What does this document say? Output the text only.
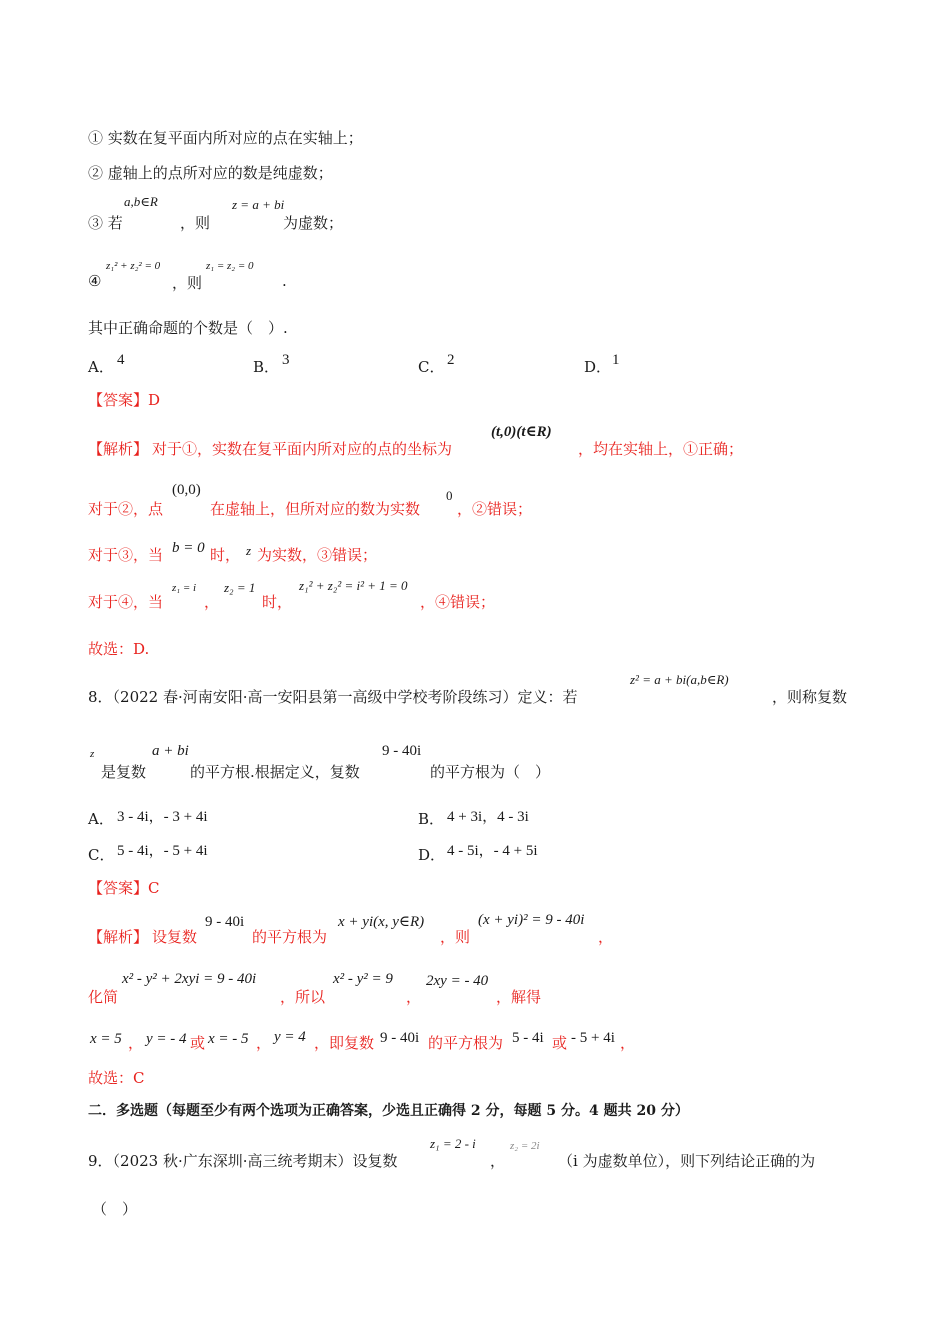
① 实数在复平面内所对应的点在实轴上；
② 虚轴上的点所对应的数是纯虚数；
③ 若
a,b∈R
，则
z = a + bi
为虚数；
④
z₁² + z₂² = 0
，则
z₁ = z₂ = 0
.
其中正确命题的个数是（　）.
A． 4	B． 3	C． 2	D． 1
【答案】D
【解析】 对于①，实数在复平面内所对应的点的坐标为
(t,0)(t∈R)
，均在实轴上，①正确；
对于②，点
(0,0)
在虚轴上，但所对应的数为实数
0
，②错误；
对于③，当 b = 0 时， z 为实数，③错误；
对于④，当
z₁ = i
，
z₂ = 1
时，
z₁² + z₂² = i² + 1 = 0
，④错误；
故选：D.
8．（2022 春·河南安阳·高一安阳县第一高级中学校考阶段练习）定义：若
z² = a + bi(a,b∈R)
，则称复数
z
是复数
a + bi
的平方根.根据定义，复数
9 - 40i
的平方根为（　）
A． 3 - 4i，- 3 + 4i	B． 4 + 3i，4 - 3i
C． 5 - 4i，- 5 + 4i	D． 4 - 5i，- 4 + 5i
【答案】C
【解析】 设复数
9 - 40i
的平方根为
x + yi(x, y∈R)
，则
(x + yi)² = 9 - 40i
，
化简
x² - y² + 2xyi = 9 - 40i
，所以
x² - y² = 9
，
2xy = - 40
，解得
x = 5 ， y = - 4 或 x = - 5 ， y = 4 ，即复数 9 - 40i 的平方根为 5 - 4i 或 - 5 + 4i ，
故选：C
二．多选题（每题至少有两个选项为正确答案，少选且正确得 2 分，每题 5 分。4 题共 20 分）
9．（2023 秋·广东深圳·高三统考期末）设复数
z₁ = 2 - i
，
z₂ = 2i
（i 为虚数单位），则下列结论正确的为
（　）
